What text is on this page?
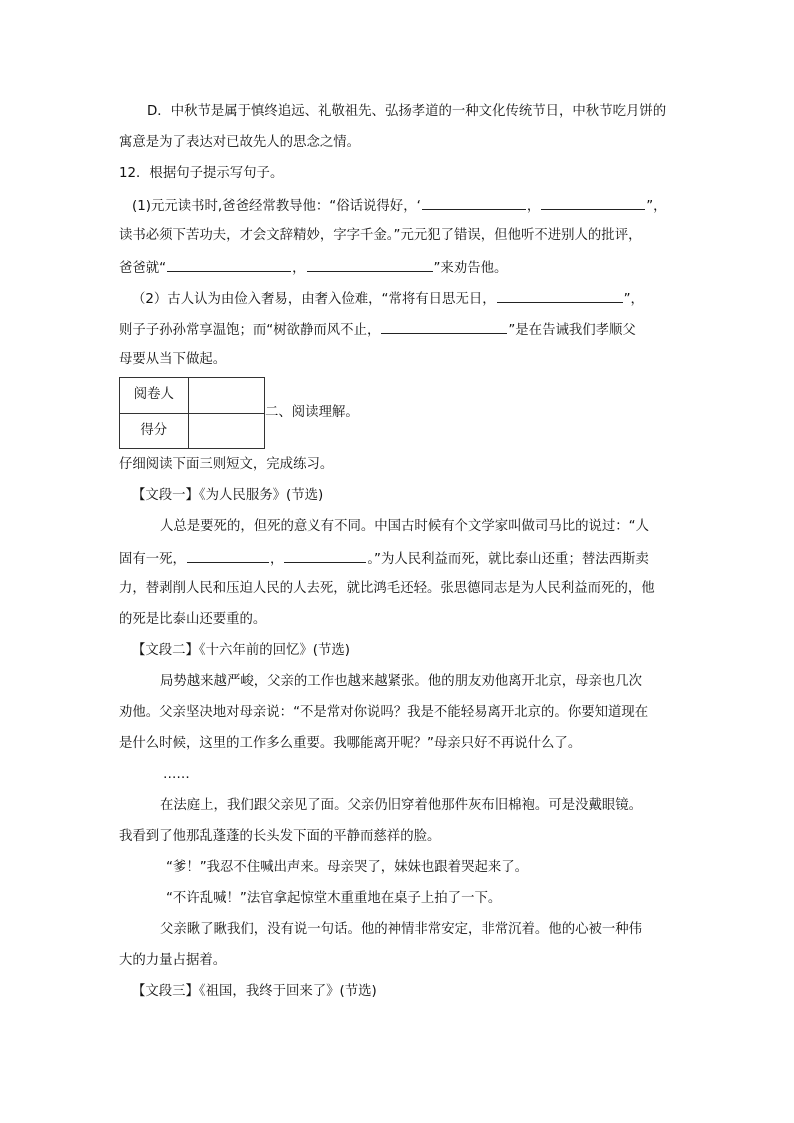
D．中秋节是属于慎终追远、礼敬祖先、弘扬孝道的一种文化传统节日，中秋节吃月饼的
寓意是为了表达对已故先人的思念之情。
12．根据句子提示写句子。
(1)元元读书时,爸爸经常教导他：“俗话说得好，‘	，	”，
读书必须下苦功夫，才会文辞精妙，字字千金。”元元犯了错误，但他听不进别人的批评，
爸爸就“	，	”来劝告他。
（2）古人认为由俭入奢易，由奢入俭难，“常将有日思无日，	”，
则子子孙孙常享温饱；而“树欲静而风不止，	”是在告诫我们孝顺父
母要从当下做起。
阅卷人	
得分	
二、阅读理解。
仔细阅读下面三则短文，完成练习。
【文段一】《为人民服务》(节选)
人总是要死的，但死的意义有不同。中国古时候有个文学家叫做司马比的说过：“人
固有一死，	，	。”为人民利益而死，就比泰山还重；替法西斯卖
力，替剥削人民和压迫人民的人去死，就比鸿毛还轻。张思德同志是为人民利益而死的，他
的死是比泰山还要重的。
【文段二】《十六年前的回忆》(节选)
局势越来越严峻，父亲的工作也越来越紧张。他的朋友劝他离开北京，母亲也几次
劝他。父亲坚决地对母亲说：“不是常对你说吗？我是不能轻易离开北京的。你要知道现在
是什么时候，这里的工作多么重要。我哪能离开呢？”母亲只好不再说什么了。
……
在法庭上，我们跟父亲见了面。父亲仍旧穿着他那件灰布旧棉袍。可是没戴眼镜。
我看到了他那乱蓬蓬的长头发下面的平静而慈祥的脸。
“爹！”我忍不住喊出声来。母亲哭了，妹妹也跟着哭起来了。
“不许乱喊！”法官拿起惊堂木重重地在桌子上拍了一下。
父亲瞅了瞅我们，没有说一句话。他的神情非常安定，非常沉着。他的心被一种伟
大的力量占据着。
【文段三】《祖国，我终于回来了》(节选)
